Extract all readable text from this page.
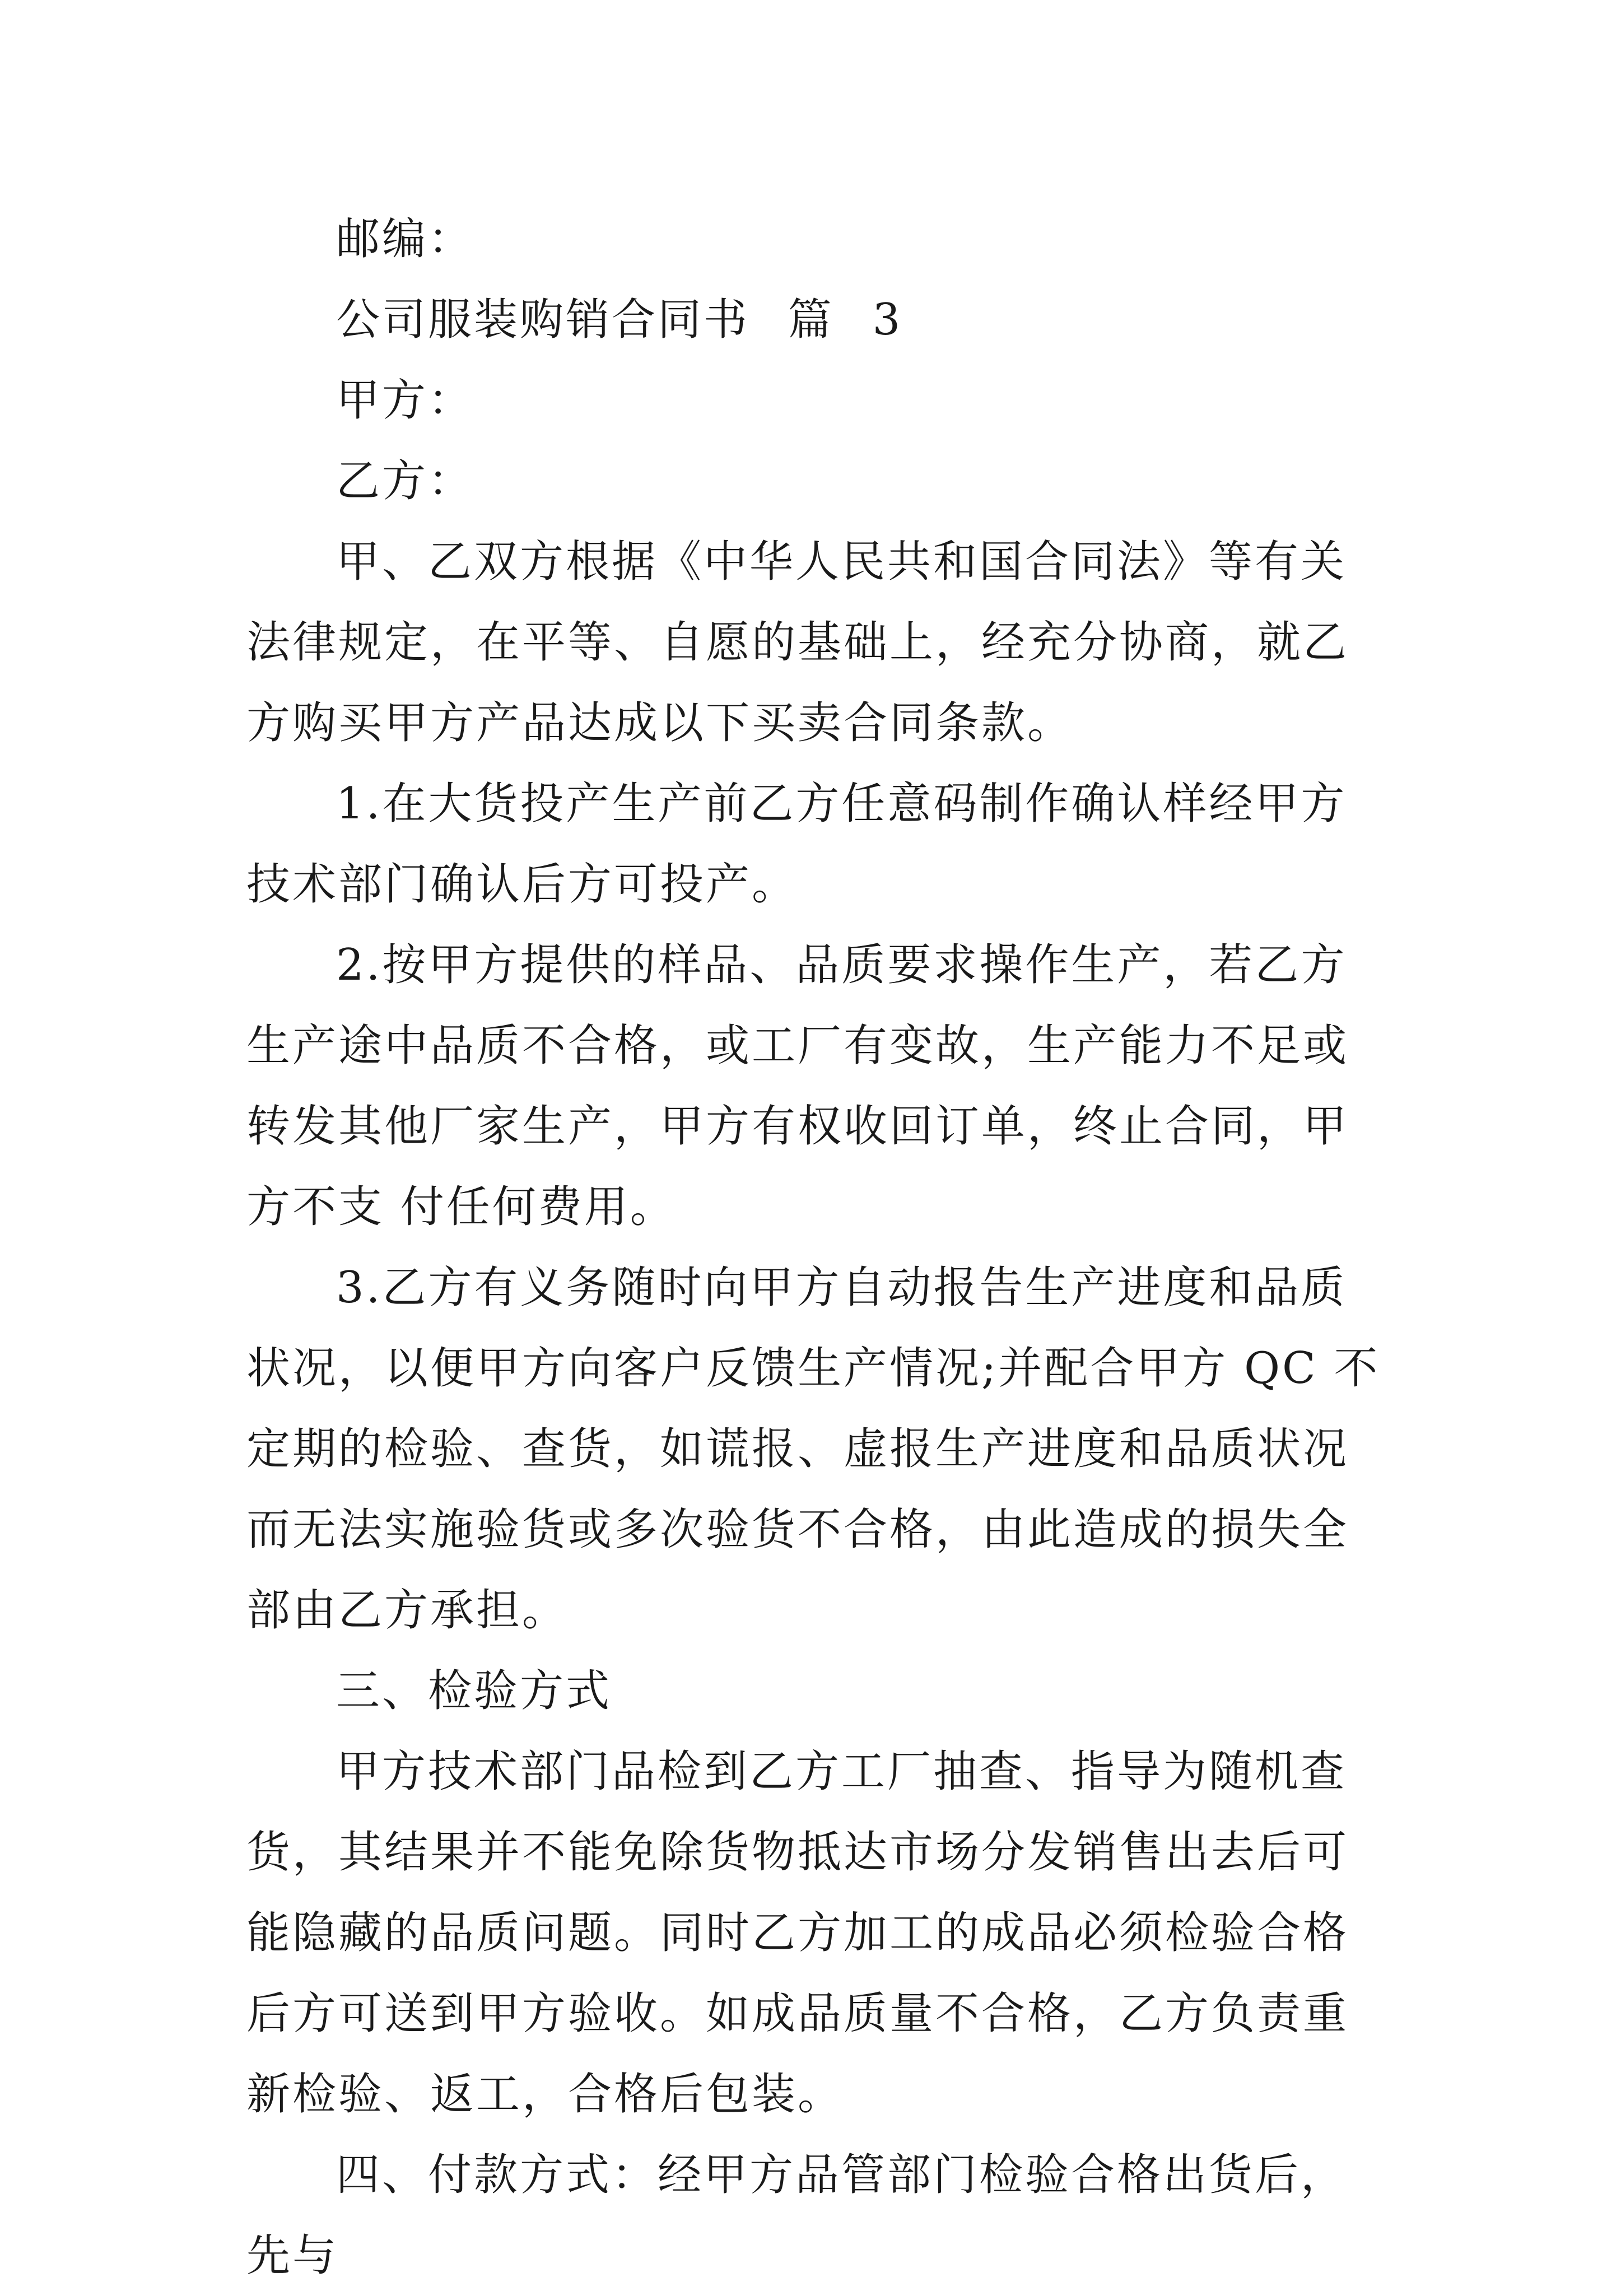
邮编：

公司服装购销合同书 篇 3

甲方：

乙方：

甲、乙双方根据《中华人民共和国合同法》等有关法律规定，在平等、自愿的基础上，经充分协商，就乙方购买甲方产品达成以下买卖合同条款。

1.在大货投产生产前乙方任意码制作确认样经甲方技术部门确认后方可投产。

2.按甲方提供的样品、品质要求操作生产，若乙方生产途中品质不合格，或工厂有变故，生产能力不足或转发其他厂家生产，甲方有权收回订单，终止合同，甲方不支 付任何费用。

3.乙方有义务随时向甲方自动报告生产进度和品质状况，以便甲方向客户反馈生产情况;并配合甲方 QC 不定期的检验、查货，如谎报、虚报生产进度和品质状况而无法实施验货或多次验货不合格，由此造成的损失全部由乙方承担。

三、检验方式

甲方技术部门品检到乙方工厂抽查、指导为随机查货，其结果并不能免除货物抵达市场分发销售出去后可能隐藏的品质问题。同时乙方加工的成品必须检验合格后方可送到甲方验收。如成品质量不合格，乙方负责重新检验、返工，合格后包装。

四、付款方式：经甲方品管部门检验合格出货后，先与
